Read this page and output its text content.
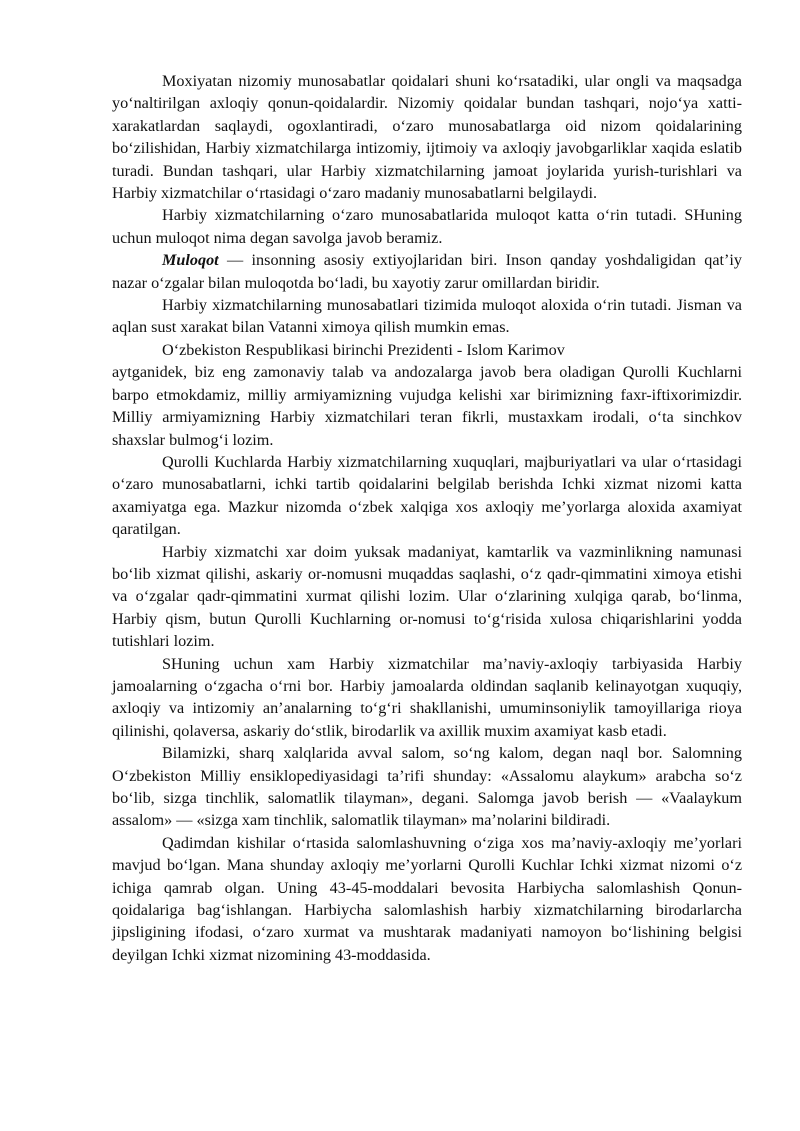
Moxiyatan nizomiy munosabatlar qoidalari shuni ko‘rsatadiki, ular ongli va maqsadga yo‘naltirilgan axloqiy qonun-qoidalardir. Nizomiy qoidalar bundan tashqari, nojo‘ya xatti-xarakatlardan saqlaydi, ogoxlantiradi, o‘zaro munosabatlarga oid nizom qoidalarining bo‘zilishidan, Harbiy xizmatchilarga intizomiy, ijtimoiy va axloqiy javobgarliklar xaqida eslatib turadi. Bundan tashqari, ular Harbiy xizmatchilarning jamoat joylarida yurish-turishlari va Harbiy xizmatchilar o‘rtasidagi o‘zaro madaniy munosabatlarni belgilaydi.

Harbiy xizmatchilarning o‘zaro munosabatlarida muloqot katta o‘rin tutadi. SHuning uchun muloqot nima degan savolga javob beramiz.

Muloqot — insonning asosiy extiyojlaridan biri. Inson qanday yoshdaligidan qat’iy nazar o‘zgalar bilan muloqotda bo‘ladi, bu xayotiy zarur omillardan biridir.

Harbiy xizmatchilarning munosabatlari tizimida muloqot aloxida o‘rin tutadi. Jisman va aqlan sust xarakat bilan Vatanni ximoya qilish mumkin emas.

O‘zbekiston Respublikasi birinchi Prezidenti - Islom Karimov

aytganidek, biz eng zamonaviy talab va andozalarga javob bera oladigan Qurolli Kuchlarni barpo etmokdamiz, milliy armiyamizning vujudga kelishi xar birimizning faxr-iftixorimizdir. Milliy armiyamizning Harbiy xizmatchilari teran fikrli, mustaxkam irodali, o‘ta sinchkov shaxslar bulmog‘i lozim.

Qurolli Kuchlarda Harbiy xizmatchilarning xuquqlari, majburiyatlari va ular o‘rtasidagi o‘zaro munosabatlarni, ichki tartib qoidalarini belgilab berishda Ichki xizmat nizomi katta axamiyatga ega. Mazkur nizomda o‘zbek xalqiga xos axloqiy me’yorlarga aloxida axamiyat qaratilgan.

Harbiy xizmatchi xar doim yuksak madaniyat, kamtarlik va vazminlikning namunasi bo‘lib xizmat qilishi, askariy or-nomusni muqaddas saqlashi, o‘z qadr-qimmatini ximoya etishi va o‘zgalar qadr-qimmatini xurmat qilishi lozim. Ular o‘zlarining xulqiga qarab, bo‘linma, Harbiy qism, butun Qurolli Kuchlarning or-nomusi to‘g‘risida xulosa chiqarishlarini yodda tutishlari lozim.

SHuning uchun xam Harbiy xizmatchilar ma’naviy-axloqiy tarbiyasida Harbiy jamoalarning o‘zgacha o‘rni bor. Harbiy jamoalarda oldindan saqlanib kelinayotgan xuquqiy, axloqiy va intizomiy an’analarning to‘g‘ri shakllanishi, umuminsoniylik tamoyillariga rioya qilinishi, qolaversa, askariy do‘stlik, birodarlik va axillik muxim axamiyat kasb etadi.

Bilamizki, sharq xalqlarida avval salom, so‘ng kalom, degan naql bor. Salomning O‘zbekiston Milliy ensiklopediyasidagi ta’rifi shunday: «Assalomu alaykum» arabcha so‘z bo‘lib, sizga tinchlik, salomatlik tilayman», degani. Salomga javob berish — «Vaalaykum assalom» — «sizga xam tinchlik, salomatlik tilayman» ma’nolarini bildiradi.

Qadimdan kishilar o‘rtasida salomlashuvning o‘ziga xos ma’naviy-axloqiy me’yorlari mavjud bo‘lgan. Mana shunday axloqiy me’yorlarni Qurolli Kuchlar Ichki xizmat nizomi o‘z ichiga qamrab olgan. Uning 43-45-moddalari bevosita Harbiycha salomlashish Qonun-qoidalariga bag‘ishlangan. Harbiycha salomlashish harbiy xizmatchilarning birodarlarcha jipsligining ifodasi, o‘zaro xurmat va mushtarak madaniyati namoyon bo‘lishining belgisi deyilgan Ichki xizmat nizomining 43-moddasida.
